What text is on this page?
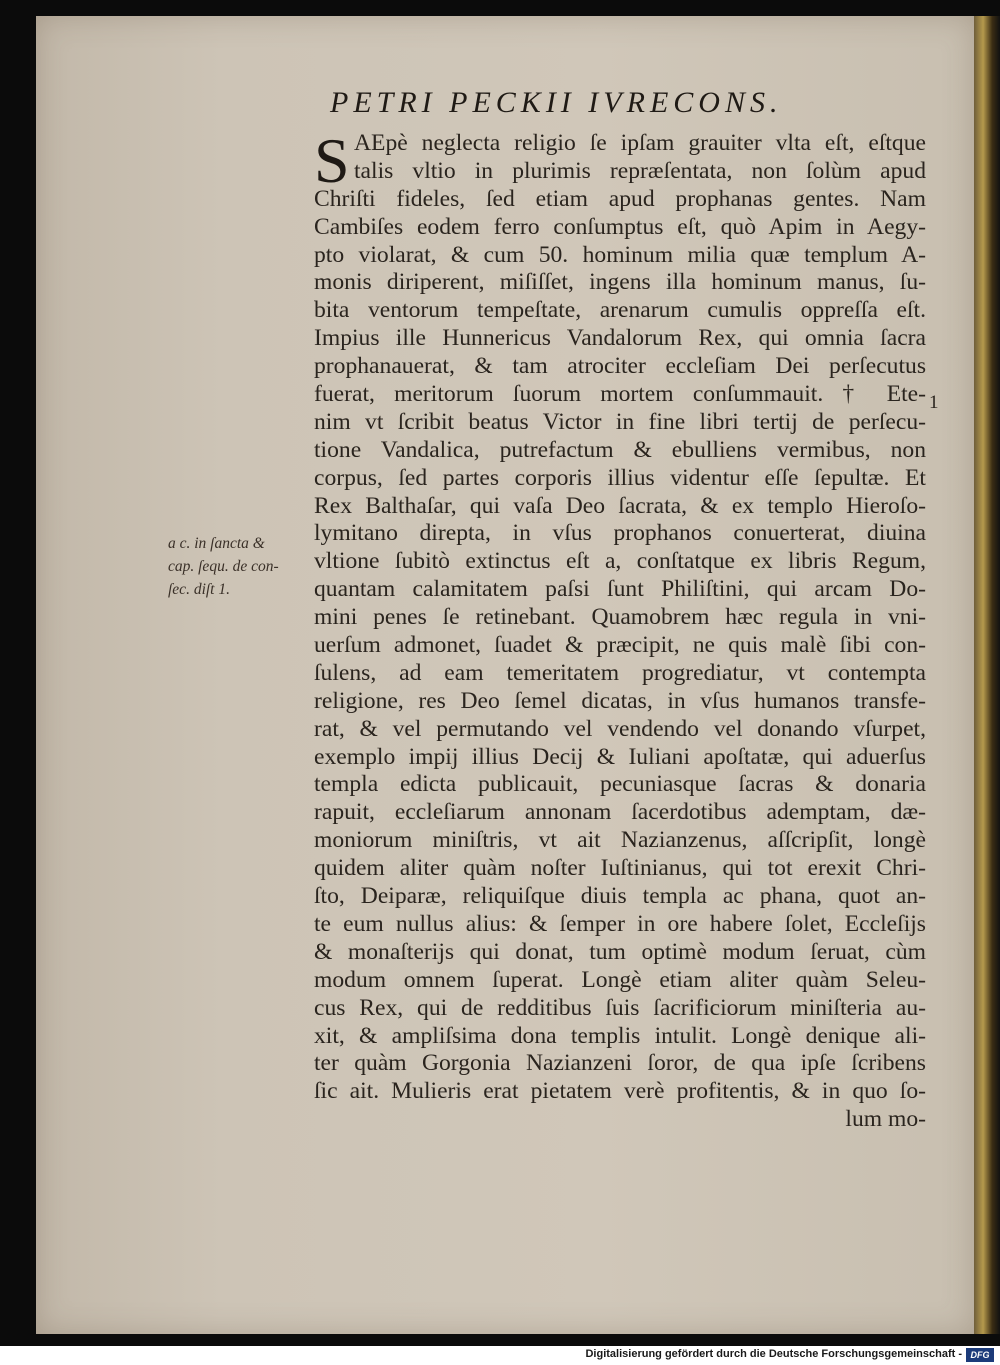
PETRI PECKII IVRECONS.
S AEpè neglecta religio ſe ipſam grauiter vlta eſt, eſtque
talis vltio in plurimis repræſentata, non ſolùm apud
Chriſti fideles, ſed etiam apud prophanas gentes. Nam
Cambiſes eodem ferro conſumptus eſt, quò Apim in Aegy-
pto violarat, & cum 50. hominum milia quæ templum A-
monis diriperent, miſiſſet, ingens illa hominum manus, ſu-
bita ventorum tempeſtate, arenarum cumulis oppreſſa eſt.
Impius ille Hunnericus Vandalorum Rex, qui omnia ſacra
prophanauerat, & tam atrociter eccleſiam Dei perſecutus
fuerat, meritorum ſuorum mortem conſummauit. † Ete-
nim vt ſcribit beatus Victor in fine libri tertij de perſecu-
tione Vandalica, putrefactum & ebulliens vermibus, non
corpus, ſed partes corporis illius videntur eſſe ſepultæ. Et
Rex Balthaſar, qui vaſa Deo ſacrata, & ex templo Hieroſo-
lymitano direpta, in vſus prophanos conuerterat, diuina
vltione ſubitò extinctus eſt a, conſtatque ex libris Regum,
quantam calamitatem paſsi ſunt Philiſtini, qui arcam Do-
mini penes ſe retinebant. Quamobrem hæc regula in vni-
uerſum admonet, ſuadet & præcipit, ne quis malè ſibi con-
ſulens, ad eam temeritatem progrediatur, vt contempta
religione, res Deo ſemel dicatas, in vſus humanos transfe-
rat, & vel permutando vel vendendo vel donando vſurpet,
exemplo impij illius Decij & Iuliani apoſtatæ, qui aduerſus
templa edicta publicauit, pecuniasque ſacras & donaria
rapuit, eccleſiarum annonam ſacerdotibus ademptam, dæ-
moniorum miniſtris, vt ait Nazianzenus, aſſcripſit, longè
quidem aliter quàm noſter Iuſtinianus, qui tot erexit Chri-
ſto, Deiparæ, reliquiſque diuis templa ac phana, quot an-
te eum nullus alius: & ſemper in ore habere ſolet, Eccleſijs
& monaſterijs qui donat, tum optimè modum ſeruat, cùm
modum omnem ſuperat. Longè etiam aliter quàm Seleu-
cus Rex, qui de redditibus ſuis ſacrificiorum miniſteria au-
xit, & ampliſsima dona templis intulit. Longè denique ali-
ter quàm Gorgonia Nazianzeni ſoror, de qua ipſe ſcribens
ſic ait. Mulieris erat pietatem verè profitentis, & in quo ſo-
lum mo-
a c. in ſancta &
cap. ſequ. de con-
ſec. diſt 1.
1
Digitalisierung gefördert durch die Deutsche Forschungsgemeinschaft - DFG
